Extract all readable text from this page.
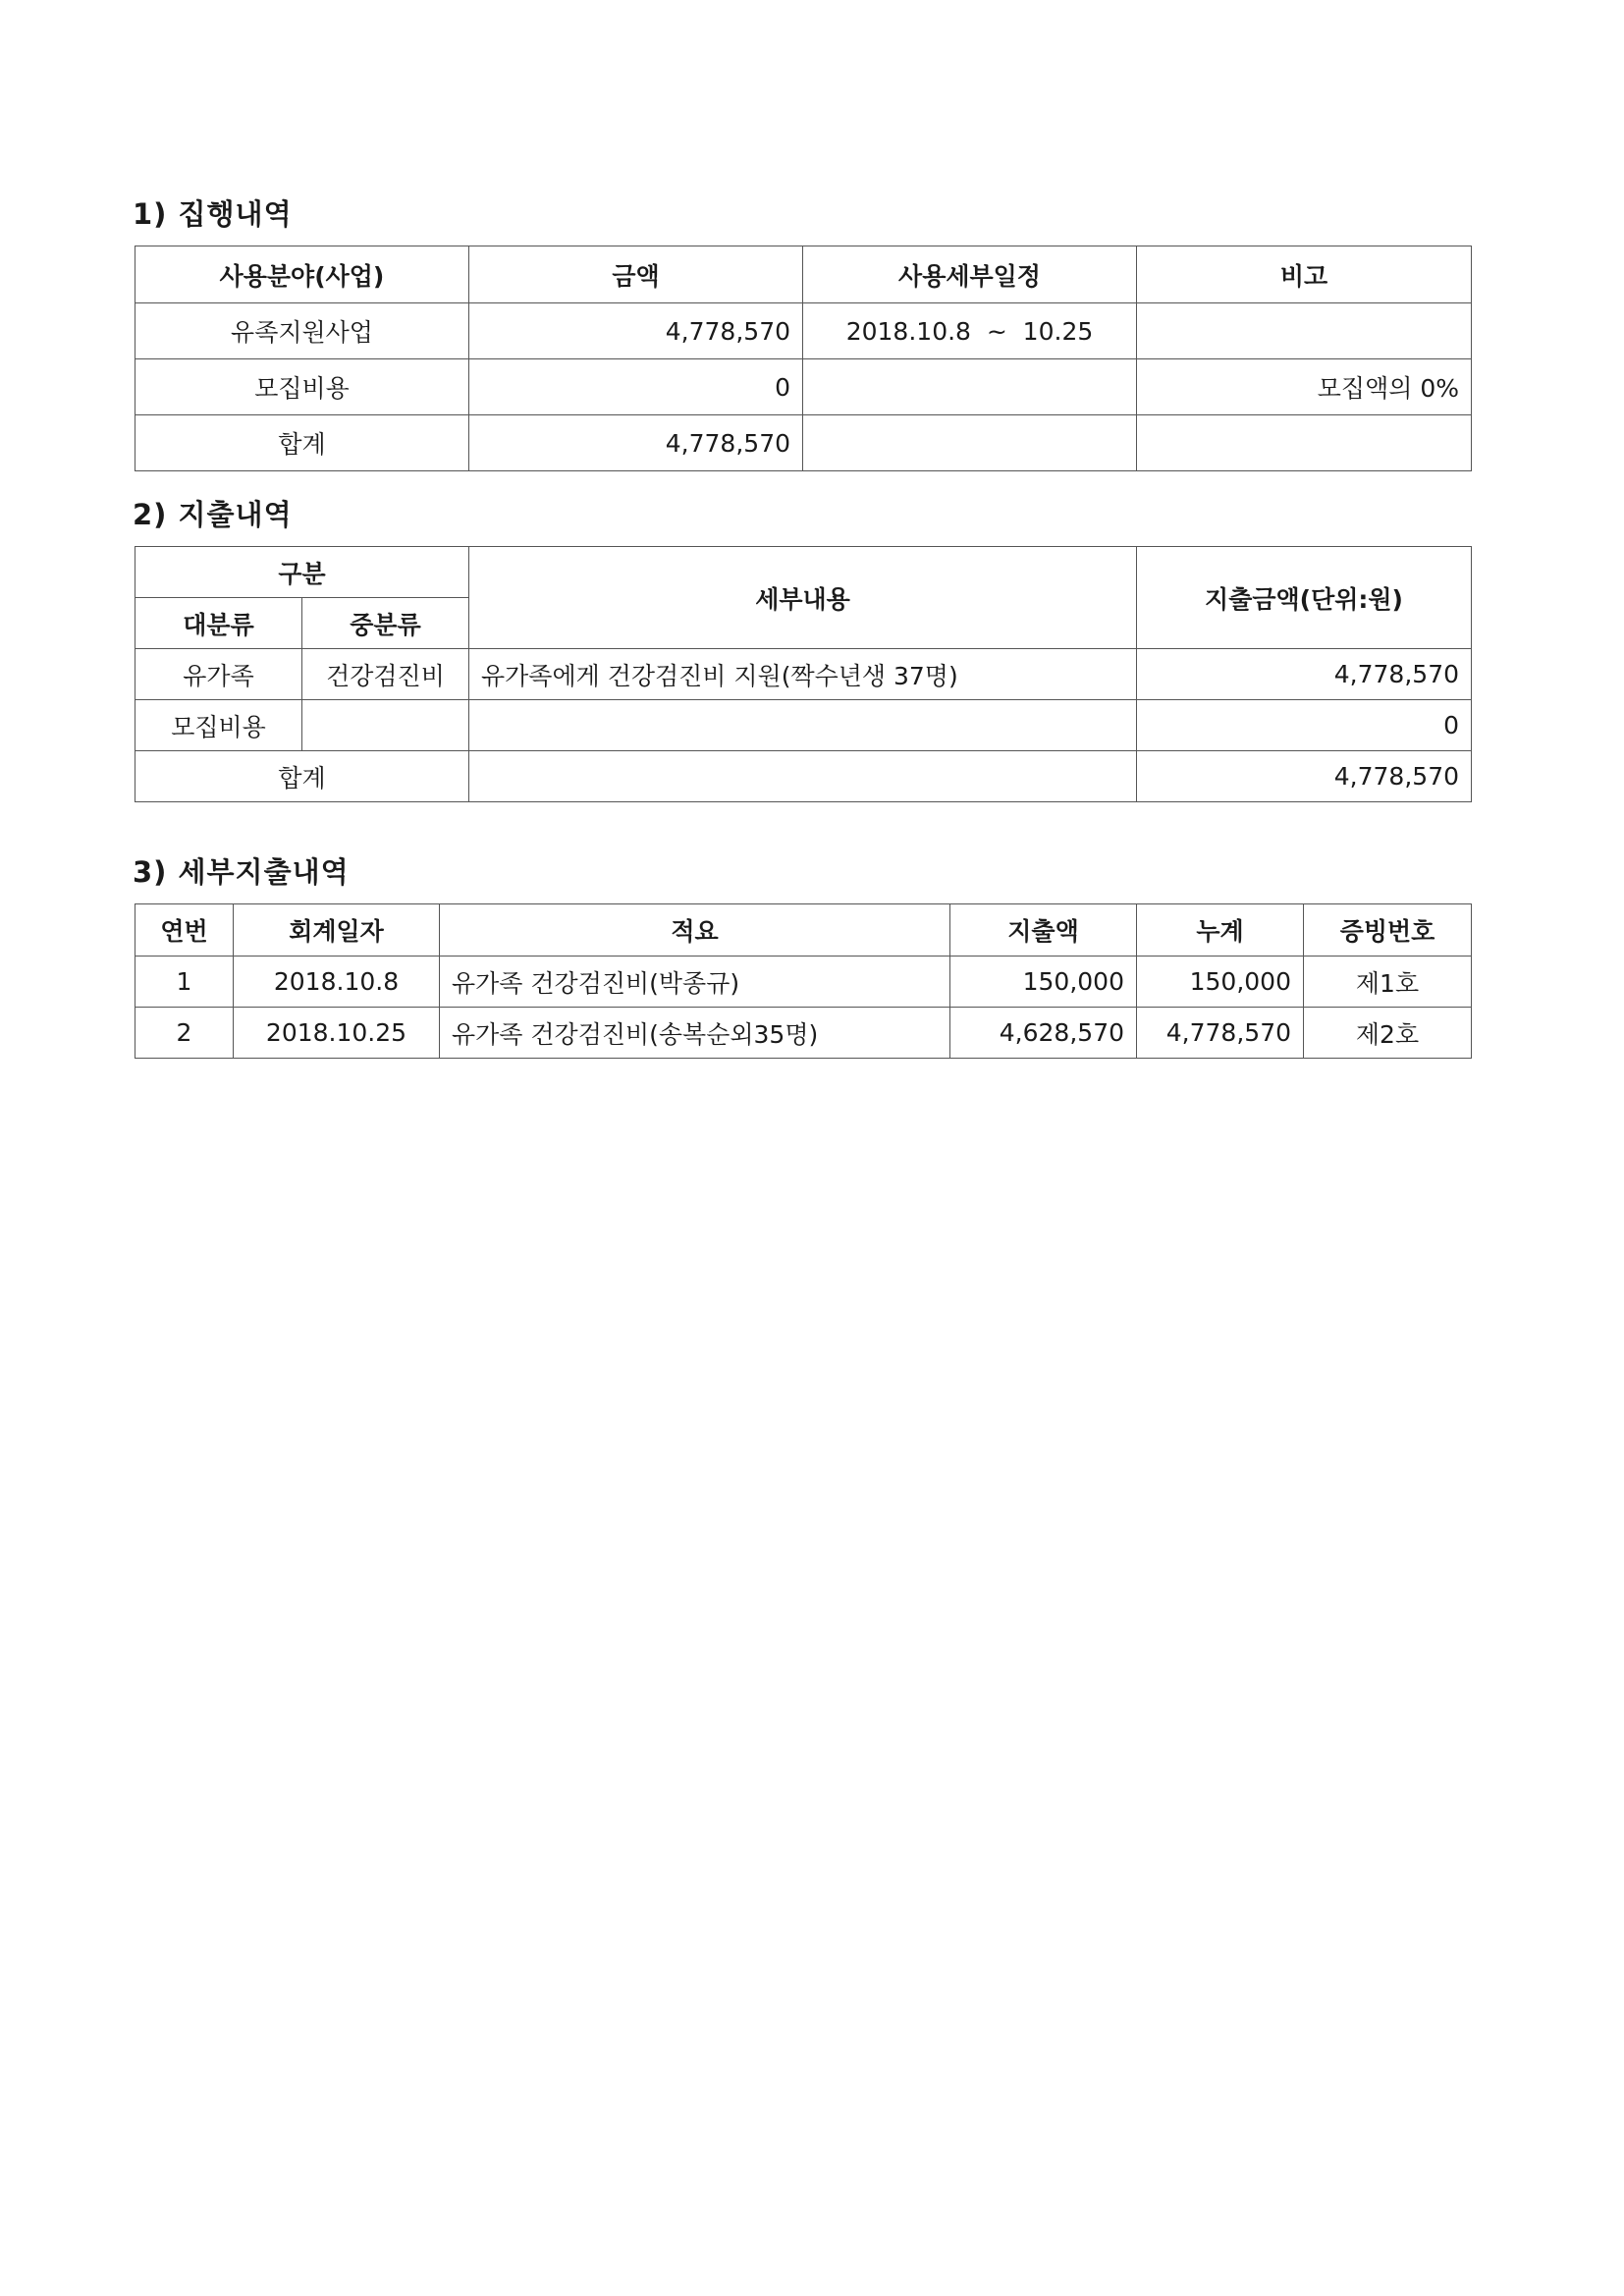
1) 집행내역
사용분야(사업)	금액	사용세부일정	비고
유족지원사업	4,778,570	2018.10.8  ~  10.25	
모집비용	0		모집액의 0%
합계	4,778,570		
2) 지출내역
구분		세부내용	지출금액(단위:원)
대분류	중분류		
유가족	건강검진비	유가족에게 건강검진비 지원(짝수년생 37명)	4,778,570
모집비용			0
합계			4,778,570
3) 세부지출내역
연번	회계일자	적요	지출액	누계	증빙번호
1	2018.10.8	유가족 건강검진비(박종규)	150,000	150,000	제1호
2	2018.10.25	유가족 건강검진비(송복순외35명)	4,628,570	4,778,570	제2호
